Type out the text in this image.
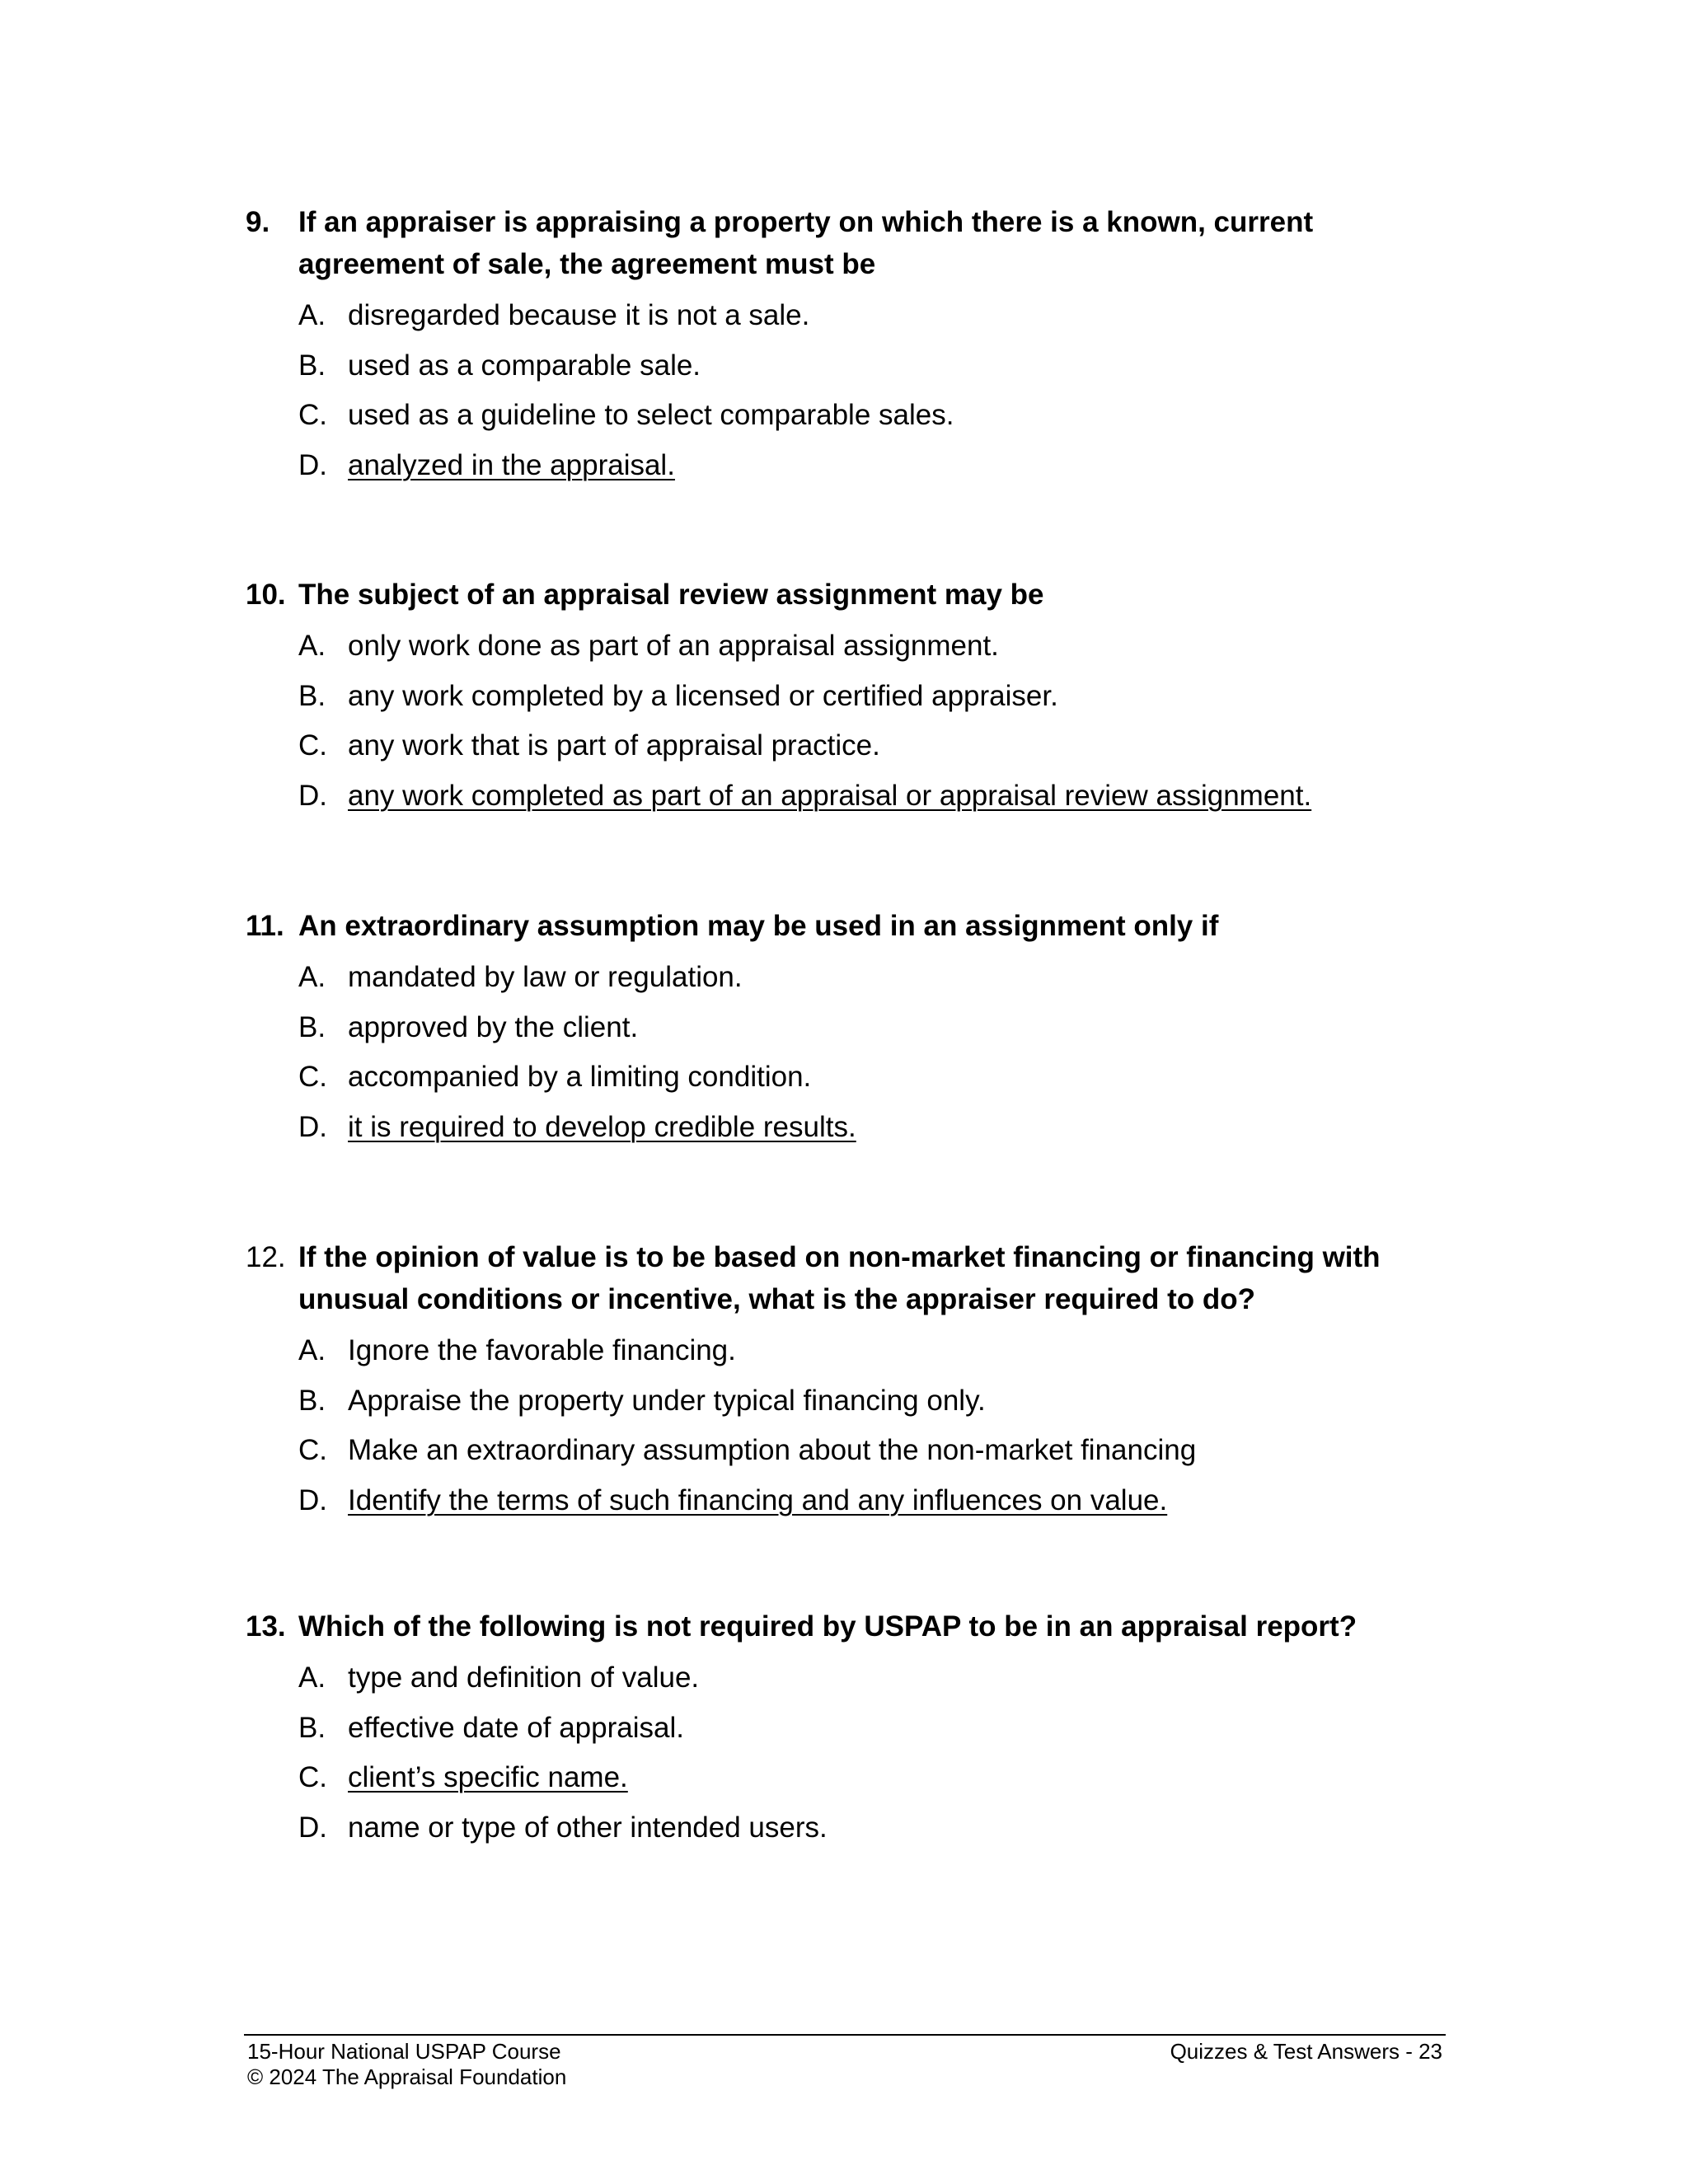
9. If an appraiser is appraising a property on which there is a known, current agreement of sale, the agreement must be
A. disregarded because it is not a sale.
B. used as a comparable sale.
C. used as a guideline to select comparable sales.
D. analyzed in the appraisal.
10. The subject of an appraisal review assignment may be
A. only work done as part of an appraisal assignment.
B. any work completed by a licensed or certified appraiser.
C. any work that is part of appraisal practice.
D. any work completed as part of an appraisal or appraisal review assignment.
11. An extraordinary assumption may be used in an assignment only if
A. mandated by law or regulation.
B. approved by the client.
C. accompanied by a limiting condition.
D. it is required to develop credible results.
12. If the opinion of value is to be based on non-market financing or financing with unusual conditions or incentive, what is the appraiser required to do?
A. Ignore the favorable financing.
B. Appraise the property under typical financing only.
C. Make an extraordinary assumption about the non-market financing
D. Identify the terms of such financing and any influences on value.
13. Which of the following is not required by USPAP to be in an appraisal report?
A. type and definition of value.
B. effective date of appraisal.
C. client’s specific name.
D. name or type of other intended users.
15-Hour National USPAP Course	Quizzes & Test Answers - 23
© 2024 The Appraisal Foundation
